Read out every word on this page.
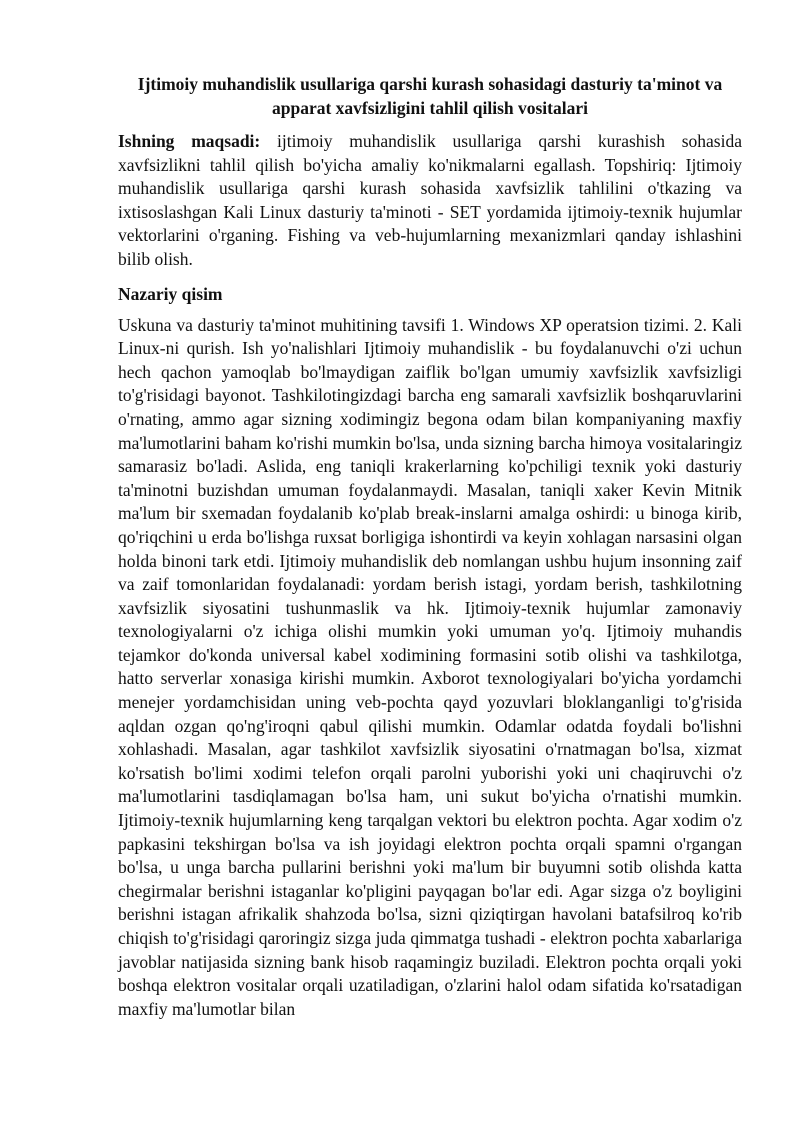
Ijtimoiy muhandislik usullariga qarshi kurash sohasidagi dasturiy ta'minot va apparat xavfsizligini tahlil qilish vositalari

Ishning maqsadi: ijtimoiy muhandislik usullariga qarshi kurashish sohasida xavfsizlikni tahlil qilish bo'yicha amaliy ko'nikmalarni egallash. Topshiriq: Ijtimoiy muhandislik usullariga qarshi kurash sohasida xavfsizlik tahlilini o'tkazing va ixtisoslashgan Kali Linux dasturiy ta'minoti - SET yordamida ijtimoiy-texnik hujumlar vektorlarini o'rganing. Fishing va veb-hujumlarning mexanizmlari qanday ishlashini bilib olish.

Nazariy qisim

Uskuna va dasturiy ta'minot muhitining tavsifi 1. Windows XP operatsion tizimi. 2. Kali Linux-ni qurish. Ish yo'nalishlari Ijtimoiy muhandislik - bu foydalanuvchi o'zi uchun hech qachon yamoqlab bo'lmaydigan zaiflik bo'lgan umumiy xavfsizlik xavfsizligi to'g'risidagi bayonot. Tashkilotingizdagi barcha eng samarali xavfsizlik boshqaruvlarini o'rnating, ammo agar sizning xodimingiz begona odam bilan kompaniyaning maxfiy ma'lumotlarini baham ko'rishi mumkin bo'lsa, unda sizning barcha himoya vositalaringiz samarasiz bo'ladi. Aslida, eng taniqli krakerlarning ko'pchiligi texnik yoki dasturiy ta'minotni buzishdan umuman foydalanmaydi. Masalan, taniqli xaker Kevin Mitnik ma'lum bir sxemadan foydalanib ko'plab break-inslarni amalga oshirdi: u binoga kirib, qo'riqchini u erda bo'lishga ruxsat borligiga ishontirdi va keyin xohlagan narsasini olgan holda binoni tark etdi. Ijtimoiy muhandislik deb nomlangan ushbu hujum insonning zaif va zaif tomonlaridan foydalanadi: yordam berish istagi, yordam berish, tashkilotning xavfsizlik siyosatini tushunmaslik va hk. Ijtimoiy-texnik hujumlar zamonaviy texnologiyalarni o'z ichiga olishi mumkin yoki umuman yo'q. Ijtimoiy muhandis tejamkor do'konda universal kabel xodimining formasini sotib olishi va tashkilotga, hatto serverlar xonasiga kirishi mumkin. Axborot texnologiyalari bo'yicha yordamchi menejer yordamchisidan uning veb-pochta qayd yozuvlari bloklanganligi to'g'risida aqldan ozgan qo'ng'iroqni qabul qilishi mumkin. Odamlar odatda foydali bo'lishni xohlashadi. Masalan, agar tashkilot xavfsizlik siyosatini o'rnatmagan bo'lsa, xizmat ko'rsatish bo'limi xodimi telefon orqali parolni yuborishi yoki uni chaqiruvchi o'z ma'lumotlarini tasdiqlamagan bo'lsa ham, uni sukut bo'yicha o'rnatishi mumkin. Ijtimoiy-texnik hujumlarning keng tarqalgan vektori bu elektron pochta. Agar xodim o'z papkasini tekshirgan bo'lsa va ish joyidagi elektron pochta orqali spamni o'rgangan bo'lsa, u unga barcha pullarini berishni yoki ma'lum bir buyumni sotib olishda katta chegirmalar berishni istaganlar ko'pligini payqagan bo'lar edi. Agar sizga o'z boyligini berishni istagan afrikalik shahzoda bo'lsa, sizni qiziqtirgan havolani batafsilroq ko'rib chiqish to'g'risidagi qaroringiz sizga juda qimmatga tushadi - elektron pochta xabarlariga javoblar natijasida sizning bank hisob raqamingiz buziladi. Elektron pochta orqali yoki boshqa elektron vositalar orqali uzatiladigan, o'zlarini halol odam sifatida ko'rsatadigan maxfiy ma'lumotlar bilan
